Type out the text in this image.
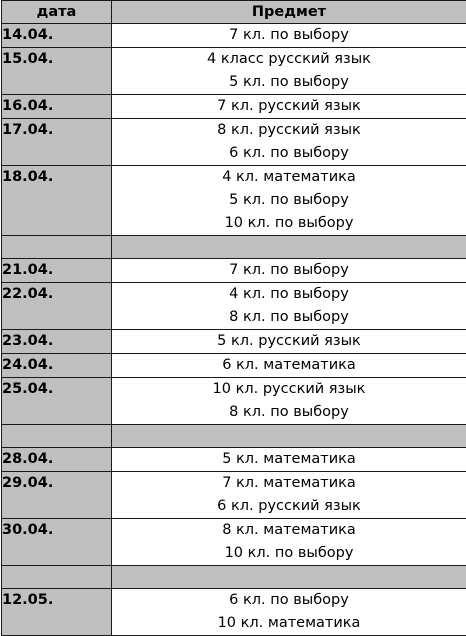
дата	Предмет
14.04.	7 кл. по выбору

15.04.	4 класс русский язык
5 кл. по выбору

16.04.	7 кл. русский язык

17.04.	8 кл. русский язык
6 кл. по выбору

18.04.	4 кл. математика
5 кл. по выбору
10 кл. по выбору

21.04.	7 кл. по выбору

22.04.	4 кл. по выбору
8 кл. по выбору

23.04.	5 кл. русский язык

24.04.	6 кл. математика

25.04.	10 кл. русский язык
8 кл. по выбору

28.04.	5 кл. математика

29.04.	7 кл. математика
6 кл. русский язык

30.04.	8 кл. математика
10 кл. по выбору

12.05.	6 кл. по выбору
10 кл. математика
